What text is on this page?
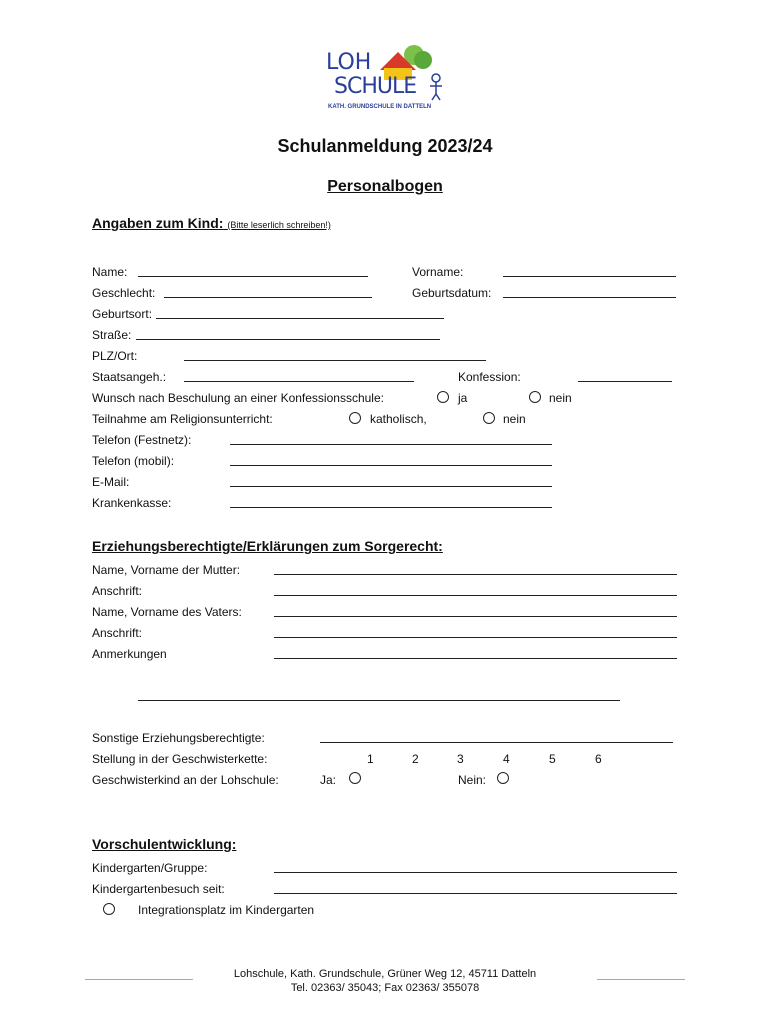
LOH
SCHULE
KATH. GRUNDSCHULE IN DATTELN
Schulanmeldung 2023/24
Personalbogen
Angaben zum Kind: (Bitte leserlich schreiben!)
Name:	Vorname:
Geschlecht:	Geburtsdatum:
Geburtsort:
Straße:
PLZ/Ort:
Staatsangeh.:	Konfession:
Wunsch nach Beschulung an einer Konfessionsschule:	ja	nein
Teilnahme am Religionsunterricht:	katholisch,	nein
Telefon (Festnetz):
Telefon (mobil):
E-Mail:
Krankenkasse:
Erziehungsberechtigte/Erklärungen zum Sorgerecht:
Name, Vorname der Mutter:
Anschrift:
Name, Vorname des Vaters:
Anschrift:
Anmerkungen
Sonstige Erziehungsberechtigte:
Stellung in der Geschwisterkette:	1	2	3	4	5	6
Geschwisterkind an der Lohschule:	Ja:	Nein:
Vorschulentwicklung:
Kindergarten/Gruppe:
Kindergartenbesuch seit:
Integrationsplatz im Kindergarten
Lohschule, Kath. Grundschule, Grüner Weg 12, 45711 Datteln
Tel. 02363/ 35043; Fax 02363/ 355078
